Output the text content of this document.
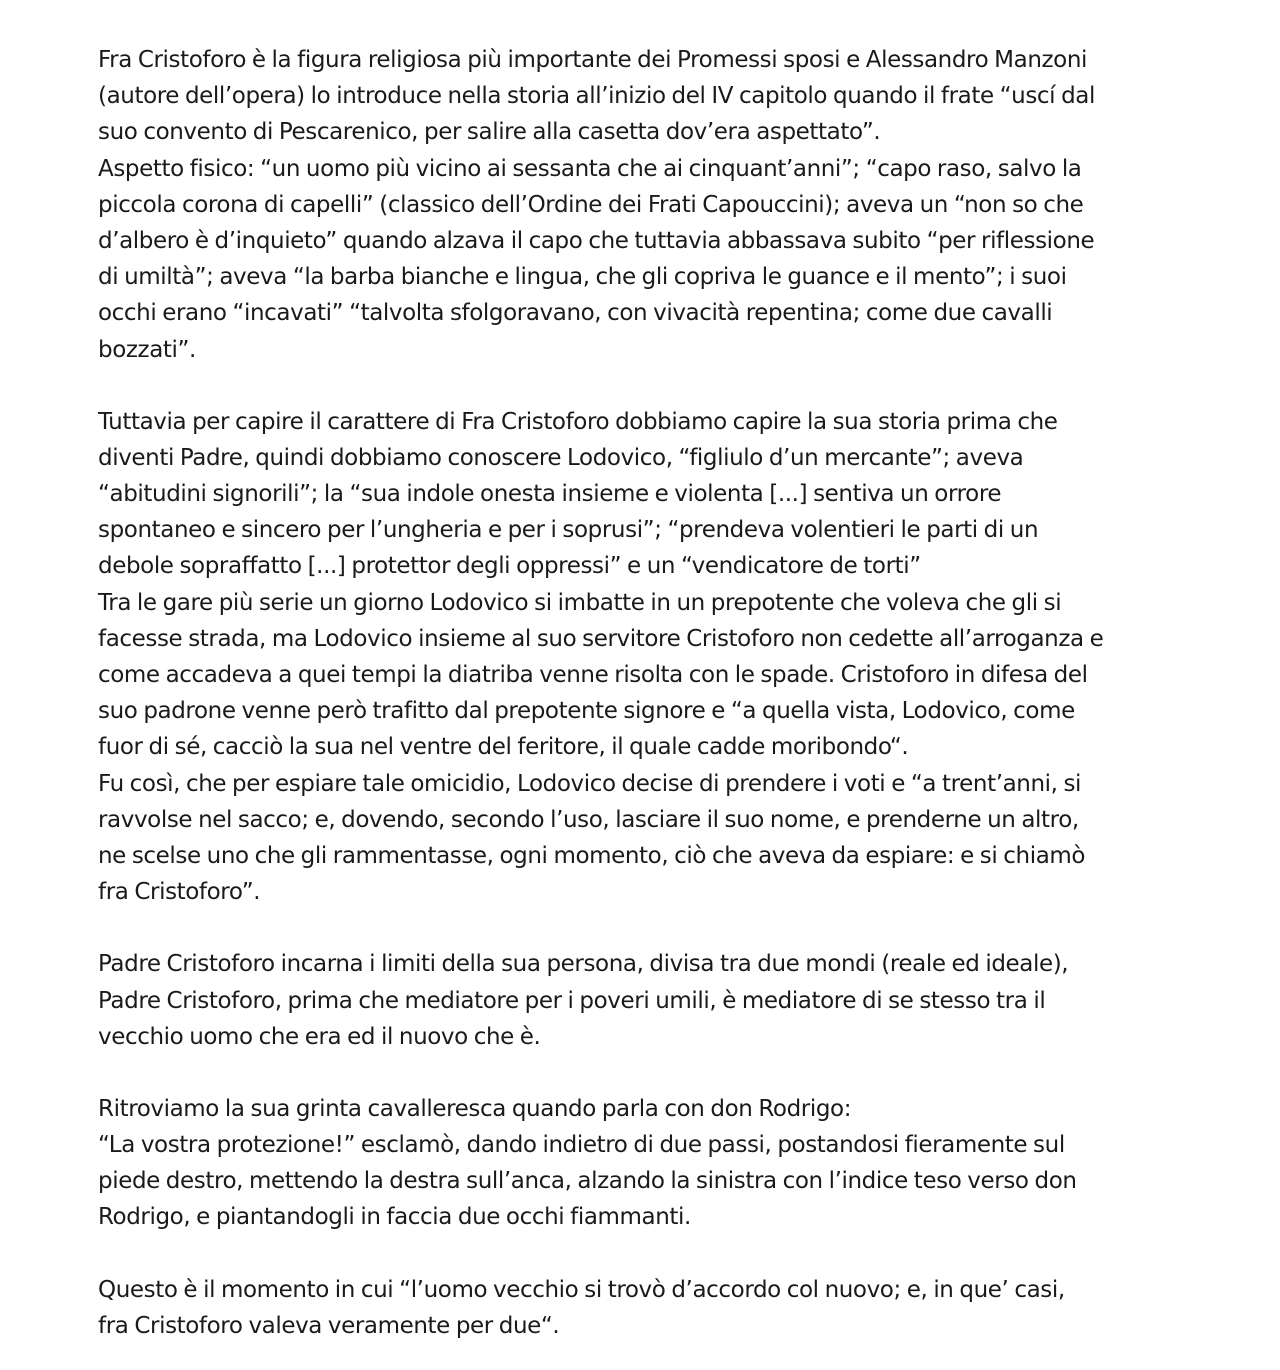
Fra Cristoforo è la figura religiosa più importante dei Promessi sposi e Alessandro Manzoni
(autore dell’opera) lo introduce nella storia all’inizio del IV capitolo quando il frate “uscí dal
suo convento di Pescarenico, per salire alla casetta dov’era aspettato”.
Aspetto fisico: “un uomo più vicino ai sessanta che ai cinquant’anni”; “capo raso, salvo la
piccola corona di capelli” (classico dell’Ordine dei Frati Capouccini); aveva un “non so che
d’albero è d’inquieto” quando alzava il capo che tuttavia abbassava subito “per riflessione
di umiltà”; aveva “la barba bianche e lingua, che gli copriva le guance e il mento”; i suoi
occhi erano “incavati” “talvolta sfolgoravano, con vivacità repentina; come due cavalli
bozzati”.
Tuttavia per capire il carattere di Fra Cristoforo dobbiamo capire la sua storia prima che
diventi Padre, quindi dobbiamo conoscere Lodovico, “figliulo d’un mercante”; aveva
“abitudini signorili”; la “sua indole onesta insieme e violenta [...] sentiva un orrore
spontaneo e sincero per l’ungheria e per i soprusi”; “prendeva volentieri le parti di un
debole sopraffatto [...] protettor degli oppressi” e un “vendicatore de torti”
Tra le gare più serie un giorno Lodovico si imbatte in un prepotente che voleva che gli si
facesse strada, ma Lodovico insieme al suo servitore Cristoforo non cedette all’arroganza e
come accadeva a quei tempi la diatriba venne risolta con le spade. Cristoforo in difesa del
suo padrone venne però trafitto dal prepotente signore e “a quella vista, Lodovico, come
fuor di sé, cacciò la sua nel ventre del feritore, il quale cadde moribondo“.
Fu così, che per espiare tale omicidio, Lodovico decise di prendere i voti e “a trent’anni, si
ravvolse nel sacco; e, dovendo, secondo l’uso, lasciare il suo nome, e prenderne un altro,
ne scelse uno che gli rammentasse, ogni momento, ciò che aveva da espiare: e si chiamò
fra Cristoforo”.
Padre Cristoforo incarna i limiti della sua persona, divisa tra due mondi (reale ed ideale),
Padre Cristoforo, prima che mediatore per i poveri umili, è mediatore di se stesso tra il
vecchio uomo che era ed il nuovo che è.
Ritroviamo la sua grinta cavalleresca quando parla con don Rodrigo:
“La vostra protezione!” esclamò, dando indietro di due passi, postandosi fieramente sul
piede destro, mettendo la destra sull’anca, alzando la sinistra con l’indice teso verso don
Rodrigo, e piantandogli in faccia due occhi fiammanti.
Questo è il momento in cui “l’uomo vecchio si trovò d’accordo col nuovo; e, in que’ casi,
fra Cristoforo valeva veramente per due“.
